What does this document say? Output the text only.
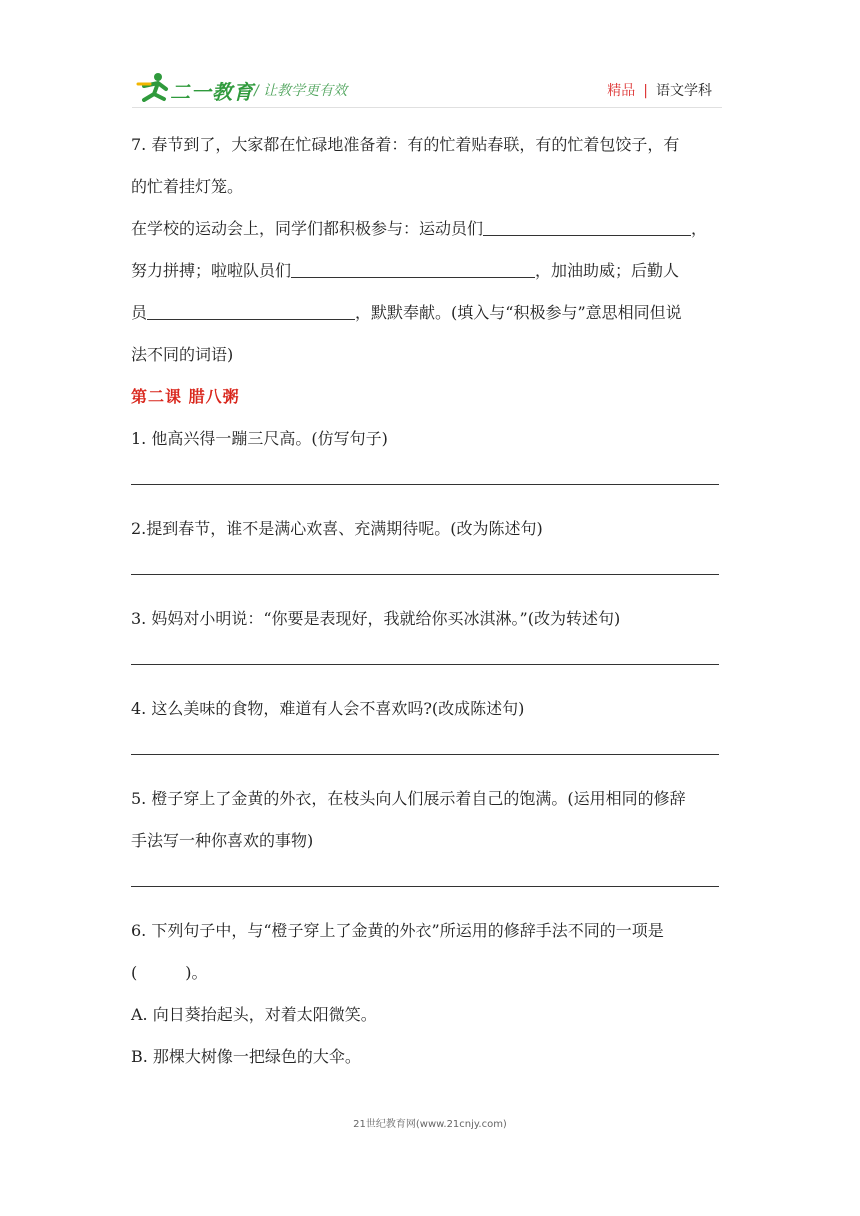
二一教育 / 让教学更有效	精品 | 语文学科

7. 春节到了，大家都在忙碌地准备着：有的忙着贴春联，有的忙着包饺子，有

的忙着挂灯笼。

在学校的运动会上，同学们都积极参与：运动员们	，

努力拼搏；啦啦队员们	，加油助威；后勤人

员	，默默奉献。(填入与“积极参与”意思相同但说

法不同的词语)

第二课 腊八粥

1. 他高兴得一蹦三尺高。(仿写句子)

2.提到春节，谁不是满心欢喜、充满期待呢。(改为陈述句)

3. 妈妈对小明说：“你要是表现好，我就给你买冰淇淋。”(改为转述句)

4. 这么美味的食物，难道有人会不喜欢吗?(改成陈述句)

5. 橙子穿上了金黄的外衣，在枝头向人们展示着自己的饱满。(运用相同的修辞

手法写一种你喜欢的事物)

6. 下列句子中，与“橙子穿上了金黄的外衣”所运用的修辞手法不同的一项是

(　　　)。

A. 向日葵抬起头，对着太阳微笑。

B. 那棵大树像一把绿色的大伞。

21世纪教育网(www.21cnjy.com)
